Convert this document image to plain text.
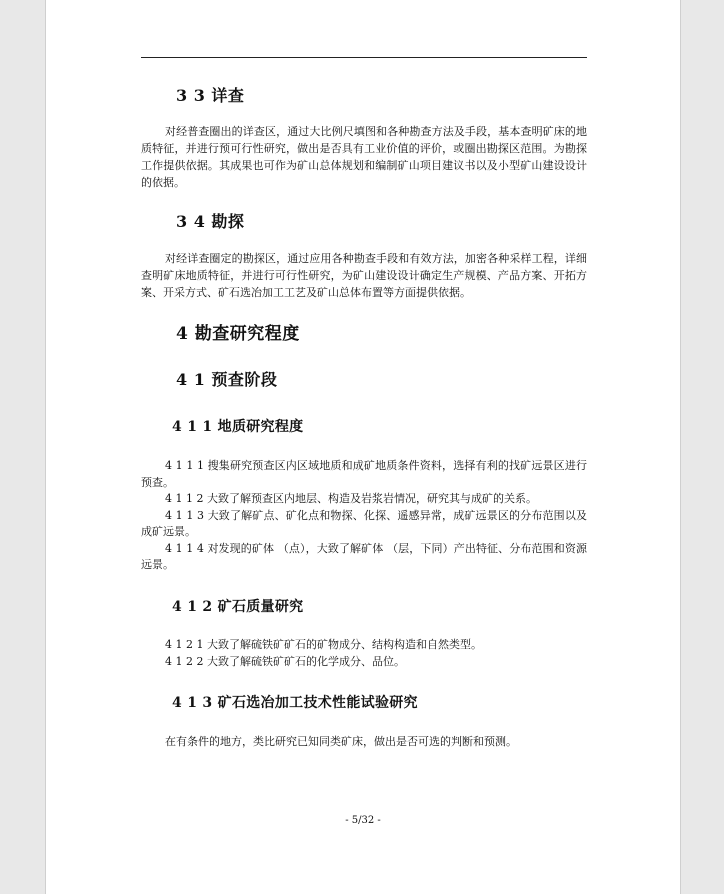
3 3 详查
对经普查圈出的详查区，通过大比例尺填图和各种勘查方法及手段，基本查明矿床的地质特征，并进行预可行性研究，做出是否具有工业价值的评价，或圈出勘探区范围。为勘探工作提供依据。其成果也可作为矿山总体规划和编制矿山项目建议书以及小型矿山建设设计的依据。
3 4 勘探
对经详查圈定的勘探区，通过应用各种勘查手段和有效方法，加密各种采样工程，详细查明矿床地质特征，并进行可行性研究，为矿山建设设计确定生产规模、产品方案、开拓方案、开采方式、矿石选冶加工工艺及矿山总体布置等方面提供依据。
4 勘查研究程度
4 1 预查阶段
4 1 1 地质研究程度
4 1 1 1 搜集研究预查区内区域地质和成矿地质条件资料，选择有利的找矿远景区进行预查。
4 1 1 2 大致了解预查区内地层、构造及岩浆岩情况，研究其与成矿的关系。
4 1 1 3 大致了解矿点、矿化点和物探、化探、遥感异常，成矿远景区的分布范围以及成矿远景。
4 1 1 4 对发现的矿体 （点），大致了解矿体 （层，下同）产出特征、分布范围和资源远景。
4 1 2 矿石质量研究
4 1 2 1 大致了解硫铁矿矿石的矿物成分、结构构造和自然类型。
4 1 2 2 大致了解硫铁矿矿石的化学成分、品位。
4 1 3 矿石选冶加工技术性能试验研究
在有条件的地方，类比研究已知同类矿床，做出是否可选的判断和预测。
- 5/32 -
